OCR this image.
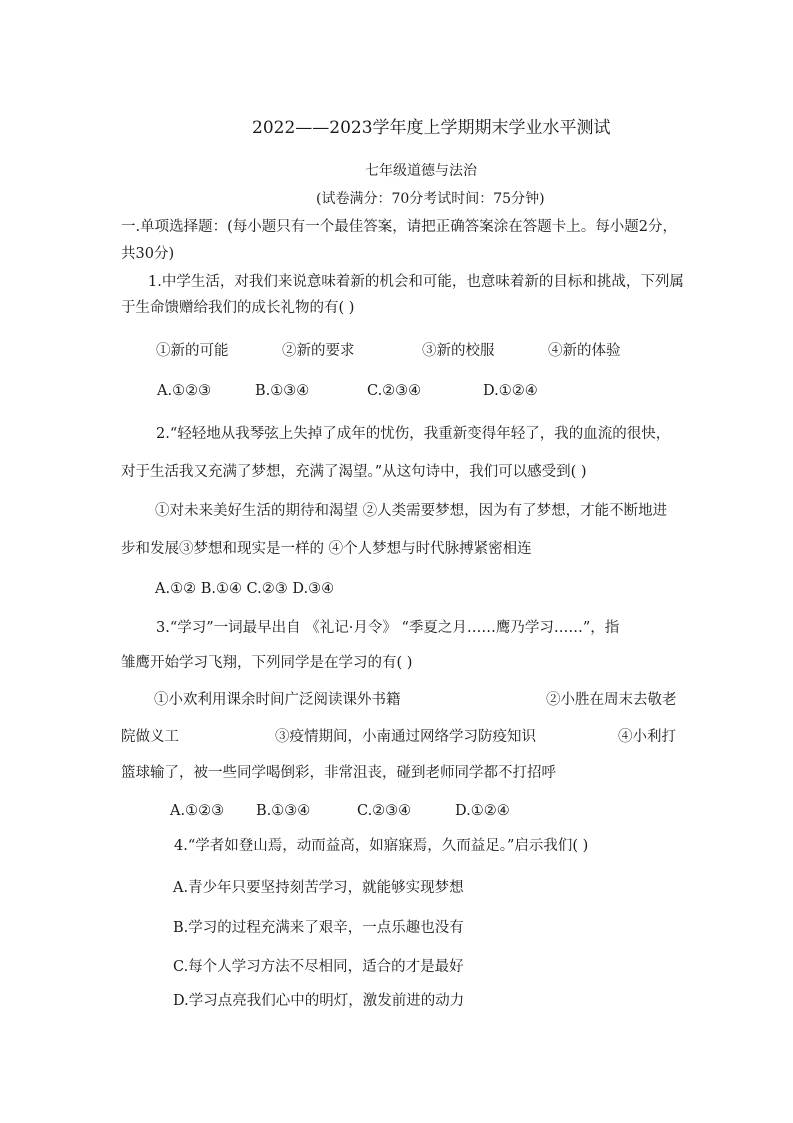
2022——2023学年度上学期期末学业水平测试
七年级道德与法治
(试卷满分：70分考试时间：75分钟)
一.单项选择题：(每小题只有一个最佳答案，请把正确答案涂在答题卡上。每小题2分，
共30分)
1.中学生活，对我们来说意味着新的机会和可能，也意味着新的目标和挑战，下列属
于生命馈赠给我们的成长礼物的有( )
①新的可能	②新的要求	③新的校服	④新的体验
A.①②③	B.①③④	C.②③④	D.①②④
2.“轻轻地从我琴弦上失掉了成年的忧伤，我重新变得年轻了，我的血流的很快，
对于生活我又充满了梦想，充满了渴望。”从这句诗中，我们可以感受到( )
①对未来美好生活的期待和渴望 ②人类需要梦想，因为有了梦想，才能不断地进
步和发展③梦想和现实是一样的 ④个人梦想与时代脉搏紧密相连
A.①② B.①④ C.②③ D.③④
3.“学习”一词最早出自 《礼记·月令》 “季夏之月……鹰乃学习……”，指
雏鹰开始学习飞翔，下列同学是在学习的有( )
①小欢利用课余时间广泛阅读课外书籍	②小胜在周末去敬老
院做义工	③疫情期间，小南通过网络学习防疫知识	④小利打
篮球输了，被一些同学喝倒彩，非常沮丧，碰到老师同学都不打招呼
A.①②③ B.①③④	C.②③④	D.①②④
4.“学者如登山焉，动而益高，如寤寐焉，久而益足。”启示我们( )
A.青少年只要坚持刻苦学习，就能够实现梦想
B.学习的过程充满来了艰辛，一点乐趣也没有
C.每个人学习方法不尽相同，适合的才是最好
D.学习点亮我们心中的明灯，激发前进的动力
